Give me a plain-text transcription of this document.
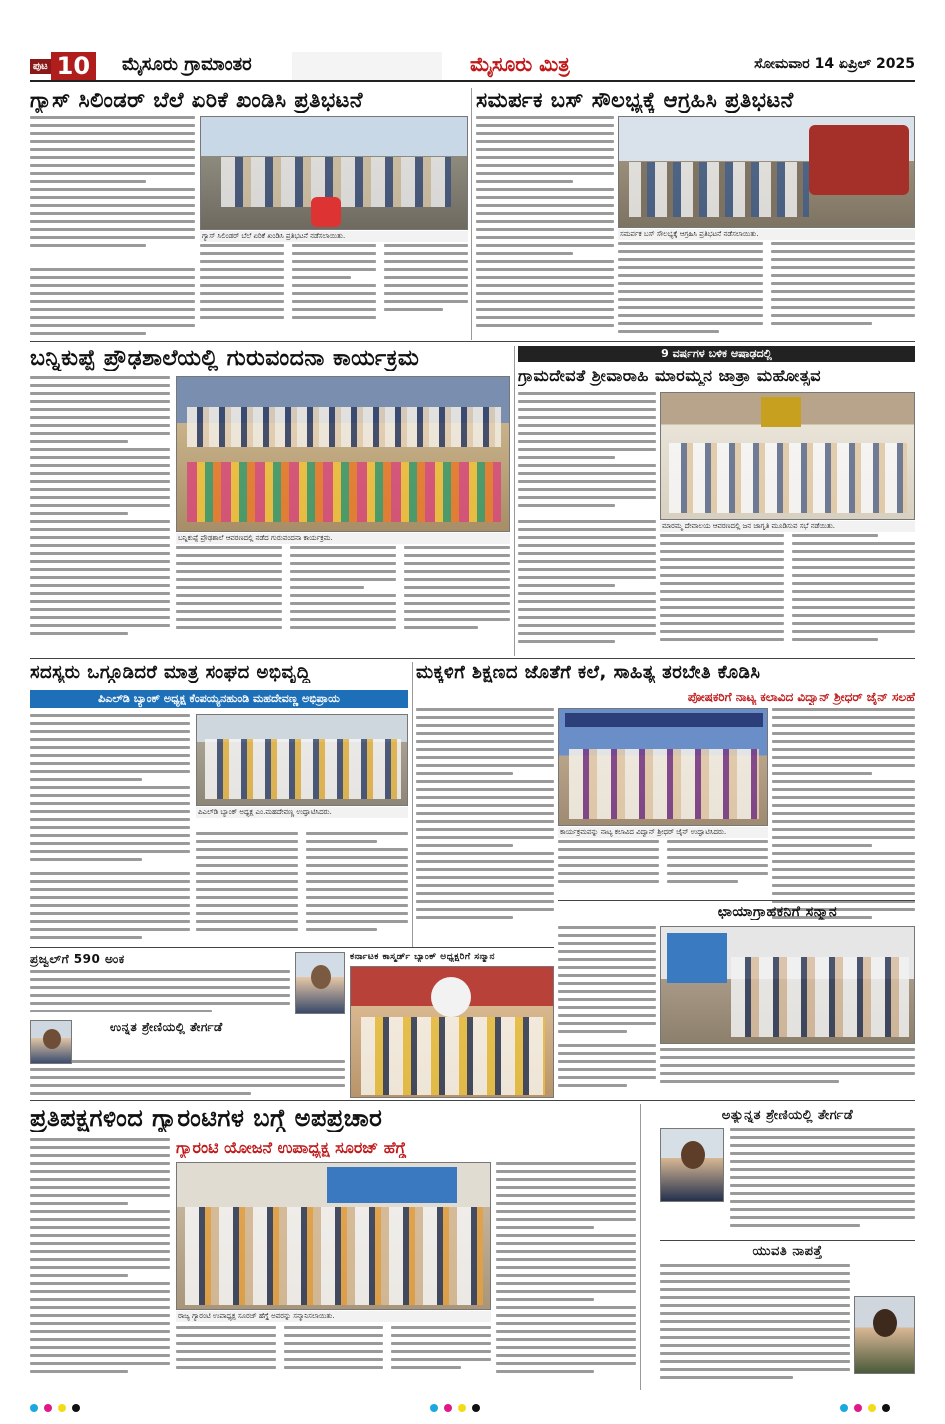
ಪುಟ 10	ಮೈಸೂರು ಗ್ರಾಮಾಂತರ	ಮೈಸೂರು ಮಿತ್ರ	ಸೋಮವಾರ 14 ಏಪ್ರಿಲ್ 2025
ಗ್ಯಾಸ್ ಸಿಲಿಂಡರ್ ಬೆಲೆ ಏರಿಕೆ ಖಂಡಿಸಿ ಪ್ರತಿಭಟನೆ
ಗ್ಯಾಸ್ ಸಿಲಿಂಡರ್ ಬೆಲೆ ಏರಿಕೆ ಖಂಡಿಸಿ ಪ್ರತಿಭಟನೆ ನಡೆಸಲಾಯಿತು.
ಸಮರ್ಪಕ ಬಸ್ ಸೌಲಭ್ಯಕ್ಕೆ ಆಗ್ರಹಿಸಿ ಪ್ರತಿಭಟನೆ
ಸಮರ್ಪಕ ಬಸ್ ಸೌಲಭ್ಯಕ್ಕೆ ಆಗ್ರಹಿಸಿ ಪ್ರತಿಭಟನೆ ನಡೆಸಲಾಯಿತು.
ಬನ್ನಿಕುಪ್ಪೆ ಪ್ರೌಢಶಾಲೆಯಲ್ಲಿ ಗುರುವಂದನಾ ಕಾರ್ಯಕ್ರಮ
ಬನ್ನಿಕುಪ್ಪೆ ಪ್ರೌಢಶಾಲೆ ಆವರಣದಲ್ಲಿ ನಡೆದ ಗುರುವಂದನಾ ಕಾರ್ಯಕ್ರಮ.
9 ವರ್ಷಗಳ ಬಳಿಕ ಆಷಾಢದಲ್ಲಿ
ಗ್ರಾಮದೇವತೆ ಶ್ರೀವಾರಾಹಿ ಮಾರಮ್ಮನ ಜಾತ್ರಾ ಮಹೋತ್ಸವ
ಮಾರಮ್ಮ ದೇವಾಲಯ ಆವರಣದಲ್ಲಿ ಜನ ಜಾಗೃತಿ ಮೂಡಿಸುವ ಸಭೆ ನಡೆಯಿತು.
ಸದಸ್ಯರು ಒಗ್ಗೂಡಿದರೆ ಮಾತ್ರ ಸಂಘದ ಅಭಿವೃದ್ಧಿ
ಪಿಎಲ್‌ಡಿ ಬ್ಯಾಂಕ್ ಅಧ್ಯಕ್ಷ ಕೆಂಪಯ್ಯನಹುಂಡಿ ಮಹದೇವಣ್ಣ ಅಭಿಪ್ರಾಯ
ಪಿಎಲ್‌ಡಿ ಬ್ಯಾಂಕ್ ಅಧ್ಯಕ್ಷ ಎಂ.ಮಹದೇವಣ್ಣ ಉದ್ಘಾಟಿಸಿದರು.
ಮಕ್ಕಳಿಗೆ ಶಿಕ್ಷಣದ ಜೊತೆಗೆ ಕಲೆ, ಸಾಹಿತ್ಯ ತರಬೇತಿ ಕೊಡಿಸಿ
ಪೋಷಕರಿಗೆ ನಾಟ್ಯ ಕಲಾವಿದ ವಿದ್ವಾನ್ ಶ್ರೀಧರ್ ಜೈನ್ ಸಲಹೆ
ಕಾರ್ಯಕ್ರಮವನ್ನು ನಾಟ್ಯ ಕಲಾವಿದ ವಿದ್ವಾನ್ ಶ್ರೀಧರ್ ಜೈನ್ ಉದ್ಘಾಟಿಸಿದರು.
ಛಾಯಾಗ್ರಾಹಕನಿಗೆ ಸನ್ಮಾನ
ಪ್ರಜ್ವಲ್‌ಗೆ 590 ಅಂಕ	ಕರ್ನಾಟಕ ಕಾಸ್ಮರ್ಡ್ ಬ್ಯಾಂಕ್ ಅಧ್ಯಕ್ಷರಿಗೆ ಸನ್ಮಾನ
ಉನ್ನತ ಶ್ರೇಣಿಯಲ್ಲಿ ತೇರ್ಗಡೆ
ಪ್ರತಿಪಕ್ಷಗಳಿಂದ ಗ್ಯಾರಂಟಿಗಳ ಬಗ್ಗೆ ಅಪಪ್ರಚಾರ
ಗ್ಯಾರಂಟಿ ಯೋಜನೆ ಉಪಾಧ್ಯಕ್ಷ ಸೂರಜ್ ಹೆಗ್ಡೆ
ರಾಜ್ಯ ಗ್ಯಾರಂಟಿ ಉಪಾಧ್ಯಕ್ಷ ಸೂರಜ್ ಹೆಗ್ಡೆ ಅವರನ್ನು ಸನ್ಮಾನಿಸಲಾಯಿತು.
ಅತ್ಯುನ್ನತ ಶ್ರೇಣಿಯಲ್ಲಿ ತೇರ್ಗಡೆ
ಯುವತಿ ನಾಪತ್ತೆ
